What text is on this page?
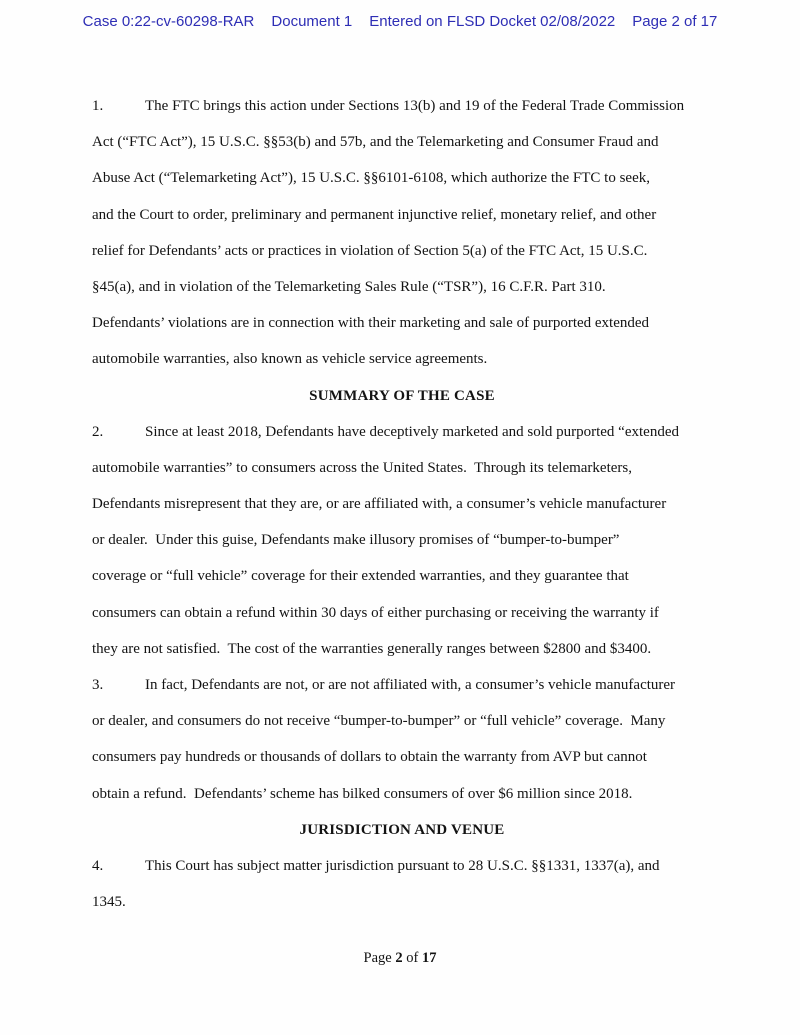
Case 0:22-cv-60298-RAR Document 1 Entered on FLSD Docket 02/08/2022 Page 2 of 17
1.	The FTC brings this action under Sections 13(b) and 19 of the Federal Trade Commission
Act (“FTC Act”), 15 U.S.C. §§53(b) and 57b, and the Telemarketing and Consumer Fraud and
Abuse Act (“Telemarketing Act”), 15 U.S.C. §§6101-6108, which authorize the FTC to seek,
and the Court to order, preliminary and permanent injunctive relief, monetary relief, and other
relief for Defendants’ acts or practices in violation of Section 5(a) of the FTC Act, 15 U.S.C.
§45(a), and in violation of the Telemarketing Sales Rule (“TSR”), 16 C.F.R. Part 310.
Defendants’ violations are in connection with their marketing and sale of purported extended
automobile warranties, also known as vehicle service agreements.
SUMMARY OF THE CASE
2.	Since at least 2018, Defendants have deceptively marketed and sold purported “extended
automobile warranties” to consumers across the United States.  Through its telemarketers,
Defendants misrepresent that they are, or are affiliated with, a consumer’s vehicle manufacturer
or dealer.  Under this guise, Defendants make illusory promises of “bumper-to-bumper”
coverage or “full vehicle” coverage for their extended warranties, and they guarantee that
consumers can obtain a refund within 30 days of either purchasing or receiving the warranty if
they are not satisfied.  The cost of the warranties generally ranges between $2800 and $3400.
3.	In fact, Defendants are not, or are not affiliated with, a consumer’s vehicle manufacturer
or dealer, and consumers do not receive “bumper-to-bumper” or “full vehicle” coverage.  Many
consumers pay hundreds or thousands of dollars to obtain the warranty from AVP but cannot
obtain a refund.  Defendants’ scheme has bilked consumers of over $6 million since 2018.
JURISDICTION AND VENUE
4.	This Court has subject matter jurisdiction pursuant to 28 U.S.C. §§1331, 1337(a), and
1345.
Page 2 of 17
